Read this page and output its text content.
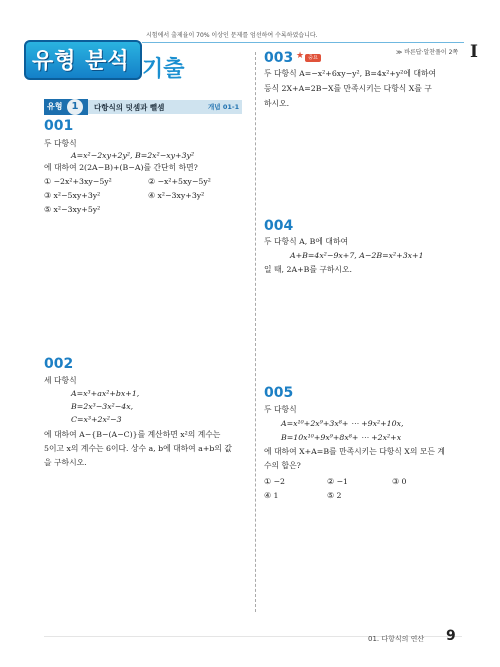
유형 분석 기출
시험에서 출제율이 70% 이상인 문제를 엄선하여 수록하였습니다.
≫ 바른답·알찬풀이 2쪽 I
유형 1	다항식의 덧셈과 뺄셈	개념 01-1
001
두 다항식
A=x²−2xy+2y², B=2x²−xy+3y²
에 대하여 2(2A−B)+(B−A)를 간단히 하면?
① −2x²+3xy−5y²	② −x²+5xy−5y²
③ x²−5xy+3y²	④ x²−3xy+3y²
⑤ x²−3xy+5y²
002
세 다항식
A=x³+ax²+bx+1,
B=2x³−3x²−4x,
C=x³+2x²−3
에 대하여 A−{B−(A−C)}를 계산하면 x²의 계수는
5이고 x의 계수는 6이다. 상수 a, b에 대하여 a+b의 값
을 구하시오.
003 ★ 중요
두 다항식 A=−x²+6xy−y², B=4x²+y²에 대하여
등식 2X+A=2B−X를 만족시키는 다항식 X를 구
하시오.
004
두 다항식 A, B에 대하여
A+B=4x²−9x+7, A−2B=x²+3x+1
일 때, 2A+B를 구하시오.
005
두 다항식
A=x¹⁰+2x⁹+3x⁸+ ⋯ +9x²+10x,
B=10x¹⁰+9x⁹+8x⁸+ ⋯ +2x²+x
에 대하여 X+A=B를 만족시키는 다항식 X의 모든 계
수의 합은?
① −2	② −1	③ 0
④ 1	⑤ 2
01. 다항식의 연산 9
